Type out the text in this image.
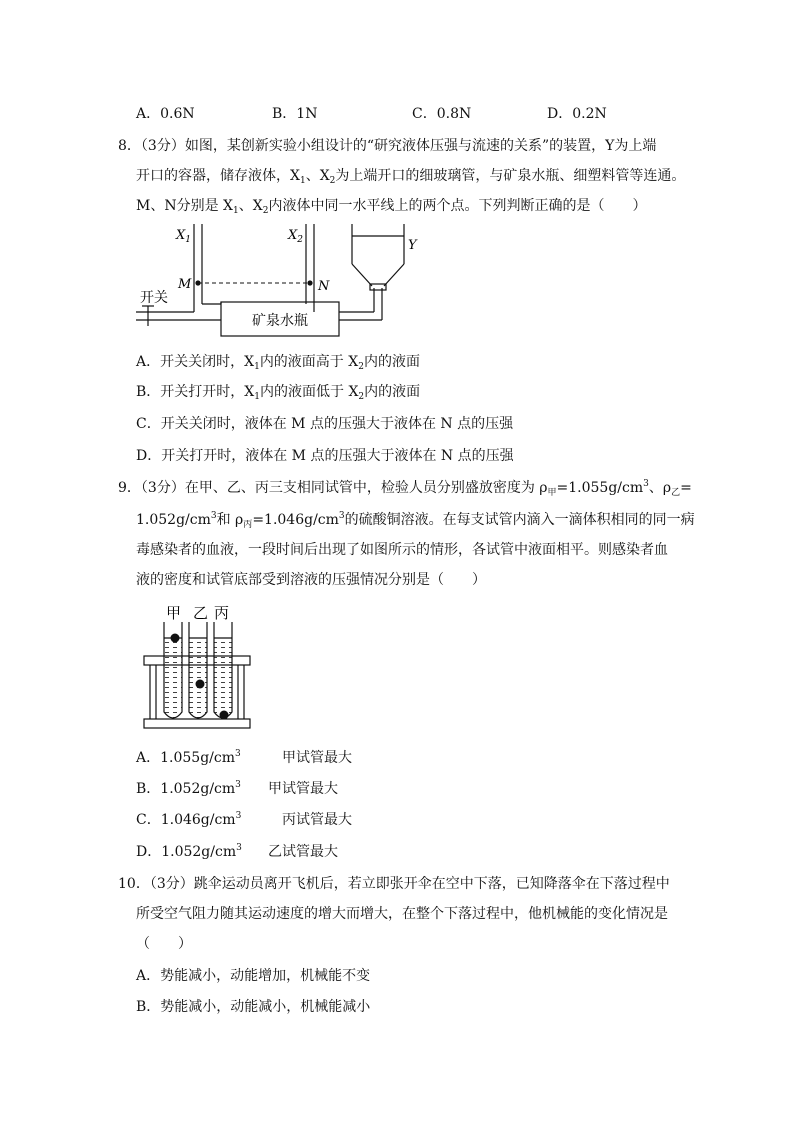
A．0.6N	B．1N	C．0.8N	D．0.2N
8．（3分）如图，某创新实验小组设计的“研究液体压强与流速的关系”的装置，Y为上端
开口的容器，储存液体，$X_1$、$X_2$为上端开口的细玻璃管，与矿泉水瓶、细塑料管等连通。
M、N分别是 $X_1$、$X_2$内液体中同一水平线上的两个点。下列判断正确的是（　　）
$X_1$	$X_2$	Y
M	N
开关
矿泉水瓶
A．开关关闭时，$X_1$内的液面高于 $X_2$内的液面
B．开关打开时，$X_1$内的液面低于 $X_2$内的液面
C．开关关闭时，液体在 M 点的压强大于液体在 N 点的压强
D．开关打开时，液体在 M 点的压强大于液体在 N 点的压强
9．（3分）在甲、乙、丙三支相同试管中，检验人员分别盛放密度为 $\rho_甲=1.055g/cm^3$、$\rho_乙=$
$1.052g/cm^3$和 $\rho_丙=1.046g/cm^3$的硫酸铜溶液。在每支试管内滴入一滴体积相同的同一病
毒感染者的血液，一段时间后出现了如图所示的情形，各试管中液面相平。则感染者血
液的密度和试管底部受到溶液的压强情况分别是（　　）
甲 乙 丙
A．$1.055g/cm^3$	甲试管最大
B．$1.052g/cm^3$ 甲试管最大
C．$1.046g/cm^3$	丙试管最大
D．$1.052g/cm^3$ 乙试管最大
10．（3分）跳伞运动员离开飞机后，若立即张开伞在空中下落，已知降落伞在下落过程中
所受空气阻力随其运动速度的增大而增大，在整个下落过程中，他机械能的变化情况是
（　　）
A．势能减小，动能增加，机械能不变
B．势能减小，动能减小，机械能减小
